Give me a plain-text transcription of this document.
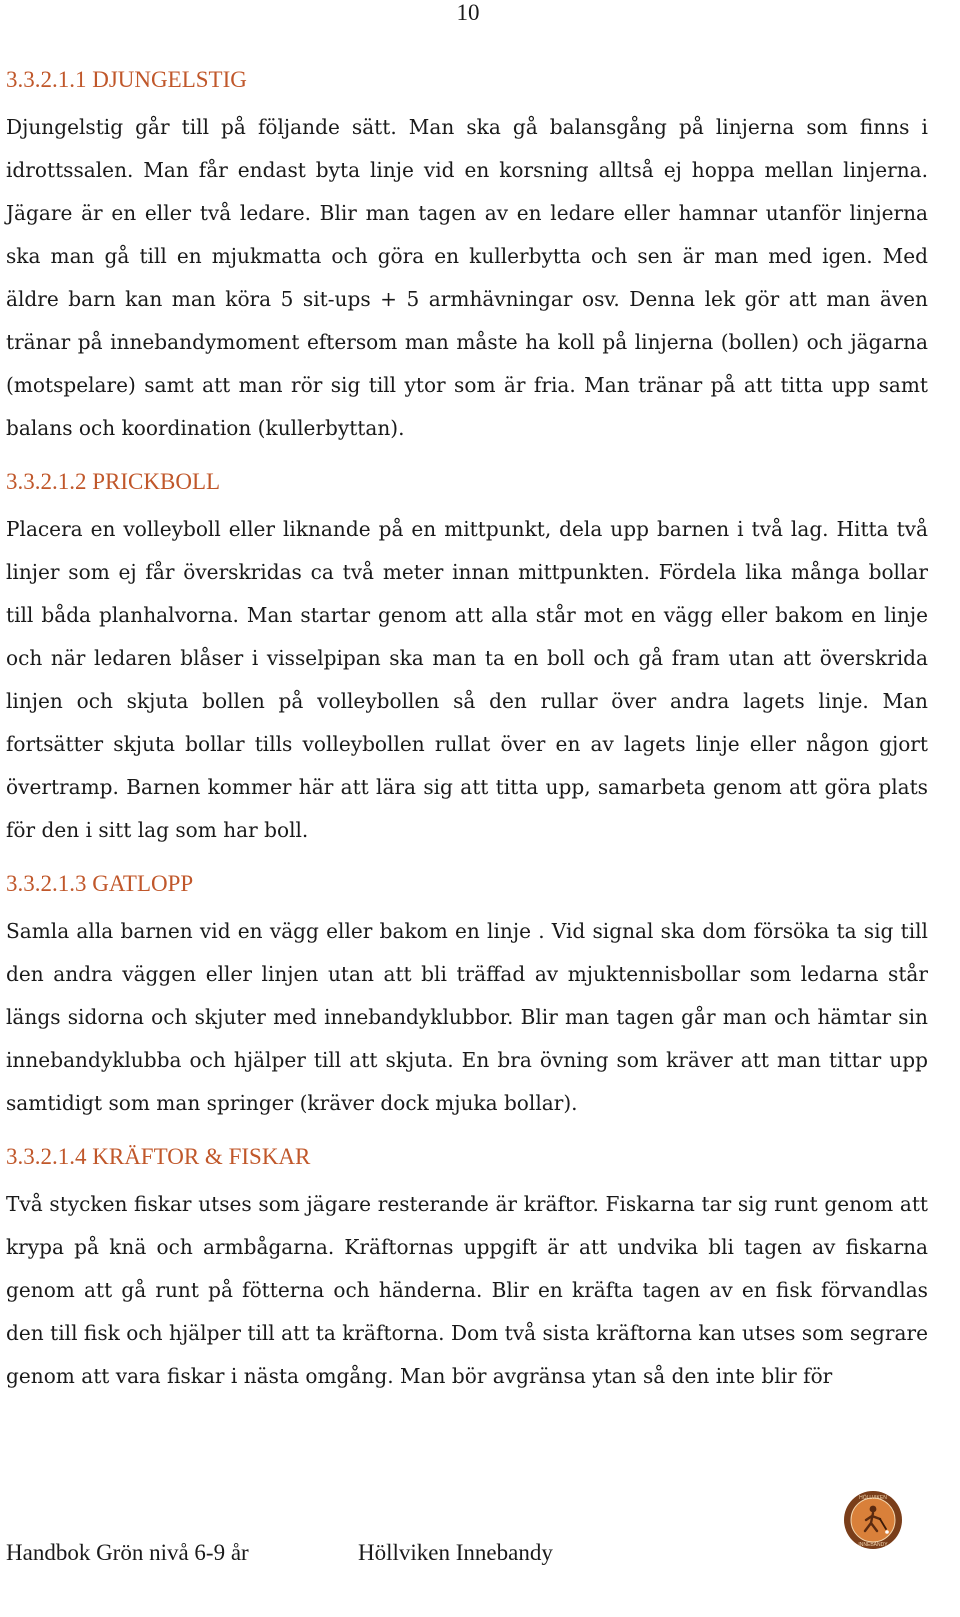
10
3.3.2.1.1 DJUNGELSTIG

Djungelstig går till på följande sätt. Man ska gå balansgång på linjerna som finns i idrottssalen. Man får endast byta linje vid en korsning alltså ej hoppa mellan linjerna. Jägare är en eller två ledare. Blir man tagen av en ledare eller hamnar utanför linjerna ska man gå till en mjukmatta och göra en kullerbytta och sen är man med igen. Med äldre barn kan man köra 5 sit-ups + 5 armhävningar osv. Denna lek gör att man även tränar på innebandymoment eftersom man måste ha koll på linjerna (bollen) och jägarna (motspelare) samt att man rör sig till ytor som är fria. Man tränar på att titta upp samt balans och koordination (kullerbyttan).

3.3.2.1.2 PRICKBOLL

Placera en volleyboll eller liknande på en mittpunkt, dela upp barnen i två lag. Hitta två linjer som ej får överskridas ca två meter innan mittpunkten. Fördela lika många bollar till båda planhalvorna. Man startar genom att alla står mot en vägg eller bakom en linje och när ledaren blåser i visselpipan ska man ta en boll och gå fram utan att överskrida linjen och skjuta bollen på volleybollen så den rullar över andra lagets linje. Man fortsätter skjuta bollar tills volleybollen rullat över en av lagets linje eller någon gjort övertramp. Barnen kommer här att lära sig att titta upp, samarbeta genom att göra plats för den i sitt lag som har boll.

3.3.2.1.3 GATLOPP

Samla alla barnen vid en vägg eller bakom en linje . Vid signal ska dom försöka ta sig till den andra väggen eller linjen utan att bli träffad av mjuktennisbollar som ledarna står längs sidorna och skjuter med innebandyklubbor. Blir man tagen går man och hämtar sin innebandyklubba och hjälper till att skjuta. En bra övning som kräver att man tittar upp samtidigt som man springer (kräver dock mjuka bollar).

3.3.2.1.4 KRÄFTOR & FISKAR

Två stycken fiskar utses som jägare resterande är kräftor. Fiskarna tar sig runt genom att krypa på knä och armbågarna. Kräftornas uppgift är att undvika bli tagen av fiskarna genom att gå runt på fötterna och händerna. Blir en kräfta tagen av en fisk förvandlas den till fisk och hjälper till att ta kräftorna. Dom två sista kräftorna kan utses som segrare genom att vara fiskar i nästa omgång. Man bör avgränsa ytan så den inte blir för

Handbok Grön nivå 6-9 år	Höllviken Innebandy
HÖLLVIKEN
INNEBANDY
